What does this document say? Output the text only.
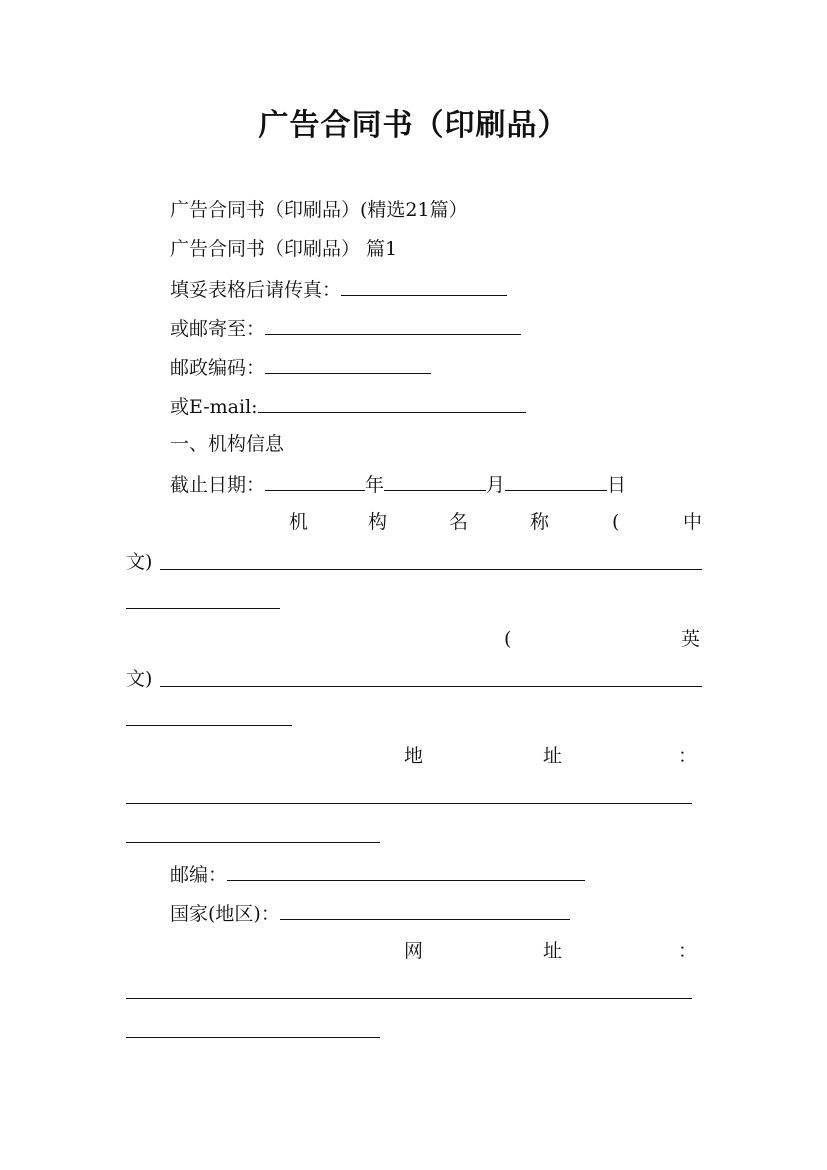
广告合同书（印刷品）
广告合同书（印刷品）(精选21篇）
广告合同书（印刷品） 篇1
填妥表格后请传真：
或邮寄至：
邮政编码：
或E-mail:
一、机构信息
截止日期：	年	月	日
机	构	名	称	(	中
文)
(	英
文)
地	址	：
邮编：
国家(地区)：
网	址	：
